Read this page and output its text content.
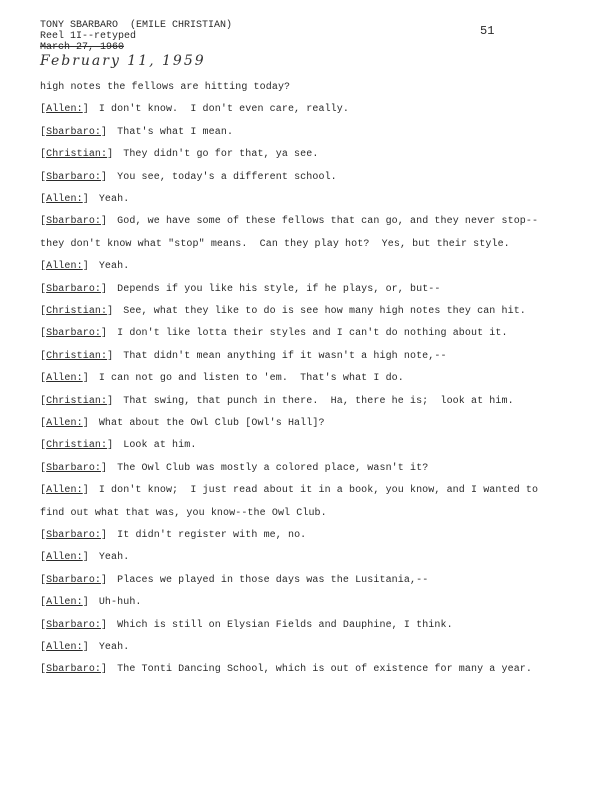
TONY SBARBARO  (EMILE CHRISTIAN)
Reel 1I--retyped
March 27, 1960
February 11, 1959
51
high notes the fellows are hitting today?
[Allen:] I don't know.  I don't even care, really.
[Sbarbaro:] That's what I mean.
[Christian:] They didn't go for that, ya see.
[Sbarbaro:] You see, today's a different school.
[Allen:] Yeah.
[Sbarbaro:] God, we have some of these fellows that can go, and they never stop--
they don't know what "stop" means.  Can they play hot?  Yes, but their style.
[Allen:] Yeah.
[Sbarbaro:] Depends if you like his style, if he plays, or, but--
[Christian:] See, what they like to do is see how many high notes they can hit.
[Sbarbaro:] I don't like lotta their styles and I can't do nothing about it.
[Christian:] That didn't mean anything if it wasn't a high note,--
[Allen:] I can not go and listen to 'em.  That's what I do.
[Christian:] That swing, that punch in there.  Ha, there he is;  look at him.
[Allen:] What about the Owl Club [Owl's Hall]?
[Christian:] Look at him.
[Sbarbaro:] The Owl Club was mostly a colored place, wasn't it?
[Allen:] I don't know;  I just read about it in a book, you know, and I wanted to
find out what that was, you know--the Owl Club.
[Sbarbaro:] It didn't register with me, no.
[Allen:] Yeah.
[Sbarbaro:] Places we played in those days was the Lusitania,--
[Allen:] Uh-huh.
[Sbarbaro:] Which is still on Elysian Fields and Dauphine, I think.
[Allen:] Yeah.
[Sbarbaro:] The Tonti Dancing School, which is out of existence for many a year.
